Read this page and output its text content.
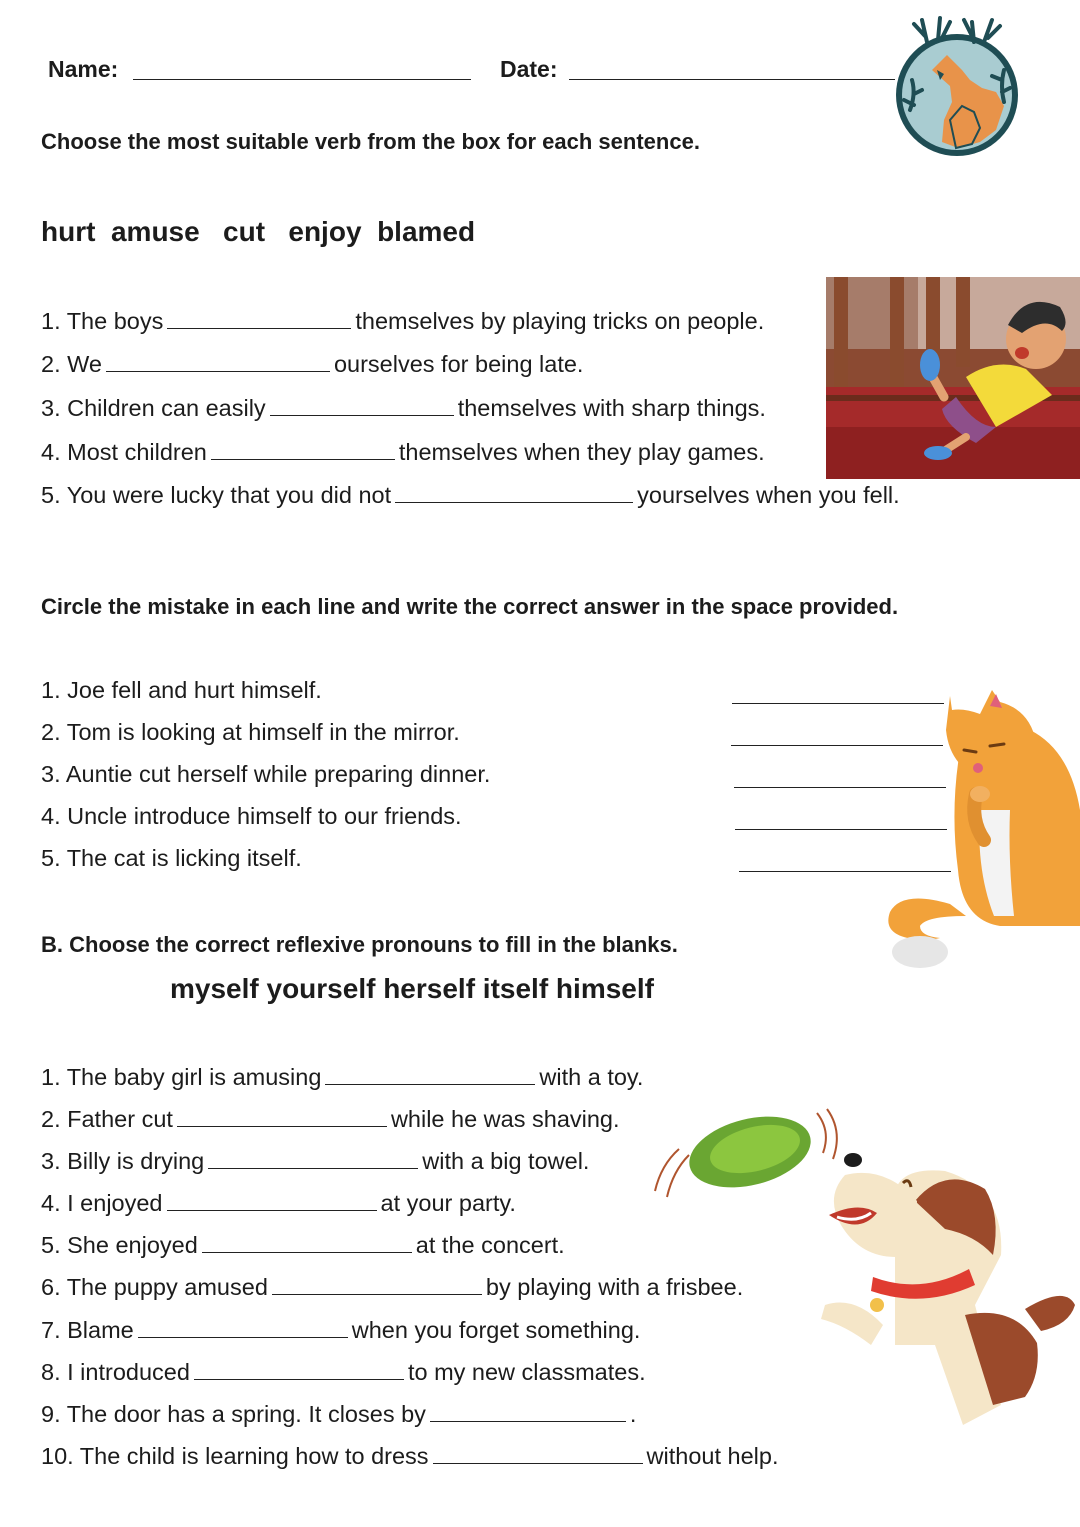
Name:	Date:
Choose the most suitable verb from the box for each sentence.
hurt  amuse   cut   enjoy  blamed
1. The boys	themselves by playing tricks on people.
2. We	ourselves for being late.
3. Children can easily	themselves with sharp things.
4. Most children	themselves when they play games.
5. You were lucky that you did not	yourselves when you fell.
Circle the mistake in each line and write the correct answer in the space provided.
1. Joe fell and hurt himself.
2. Tom is looking at himself in the mirror.
3. Auntie cut herself while preparing dinner.
4. Uncle introduce himself to our friends.
5. The cat is licking itself.
B. Choose the correct reflexive pronouns to fill in the blanks.
myself yourself herself itself himself
1. The baby girl is amusing	with a toy.
2. Father cut	while he was shaving.
3. Billy is drying	with a big towel.
4. I enjoyed	at your party.
5. She enjoyed	at the concert.
6. The puppy amused	by playing with a frisbee.
7. Blame	when you forget something.
8. I introduced	to my new classmates.
9. The door has a spring. It closes by	.
10. The child is learning how to dress	without help.
